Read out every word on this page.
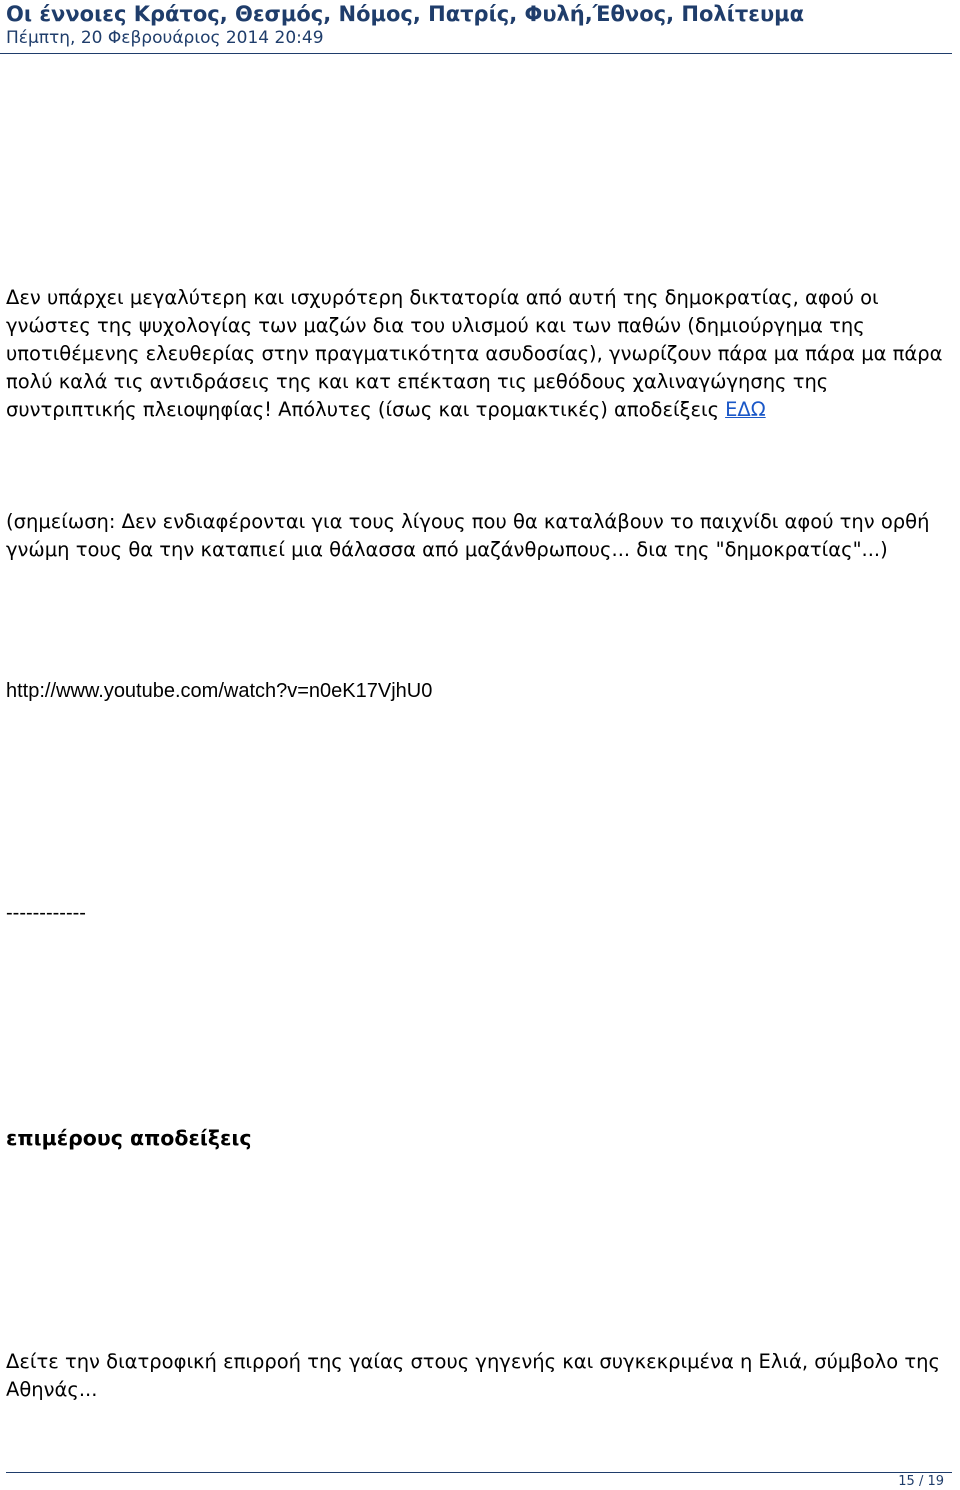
Οι έννοιες Κράτος, Θεσμός, Νόμος, Πατρίς, Φυλή,Έθνος, Πολίτευμα
Πέμπτη, 20 Φεβρουάριος 2014 20:49
Δεν υπάρχει μεγαλύτερη και ισχυρότερη δικτατορία από αυτή της δημοκρατίας, αφού οι γνώστες της ψυχολογίας των μαζών δια του υλισμού και των παθών (δημιούργημα της υποτιθέμενης ελευθερίας στην πραγματικότητα ασυδοσίας), γνωρίζουν πάρα μα πάρα μα πάρα πολύ καλά τις αντιδράσεις της και κατ επέκταση τις μεθόδους χαλιναγώγησης της συντριπτικής πλειοψηφίας! Απόλυτες (ίσως και τρομακτικές) αποδείξεις ΕΔΩ
(σημείωση: Δεν ενδιαφέρονται για τους λίγους που θα καταλάβουν το παιχνίδι αφού την ορθή γνώμη τους θα την καταπιεί μια θάλασσα από μαζάνθρωπους... δια της "δημοκρατίας"...)
http://www.youtube.com/watch?v=n0eK17VjhU0
------------
επιμέρους αποδείξεις
Δείτε την διατροφική επιρροή της γαίας στους γηγενής και συγκεκριμένα η Ελιά, σύμβολο της Αθηνάς...
15 / 19
